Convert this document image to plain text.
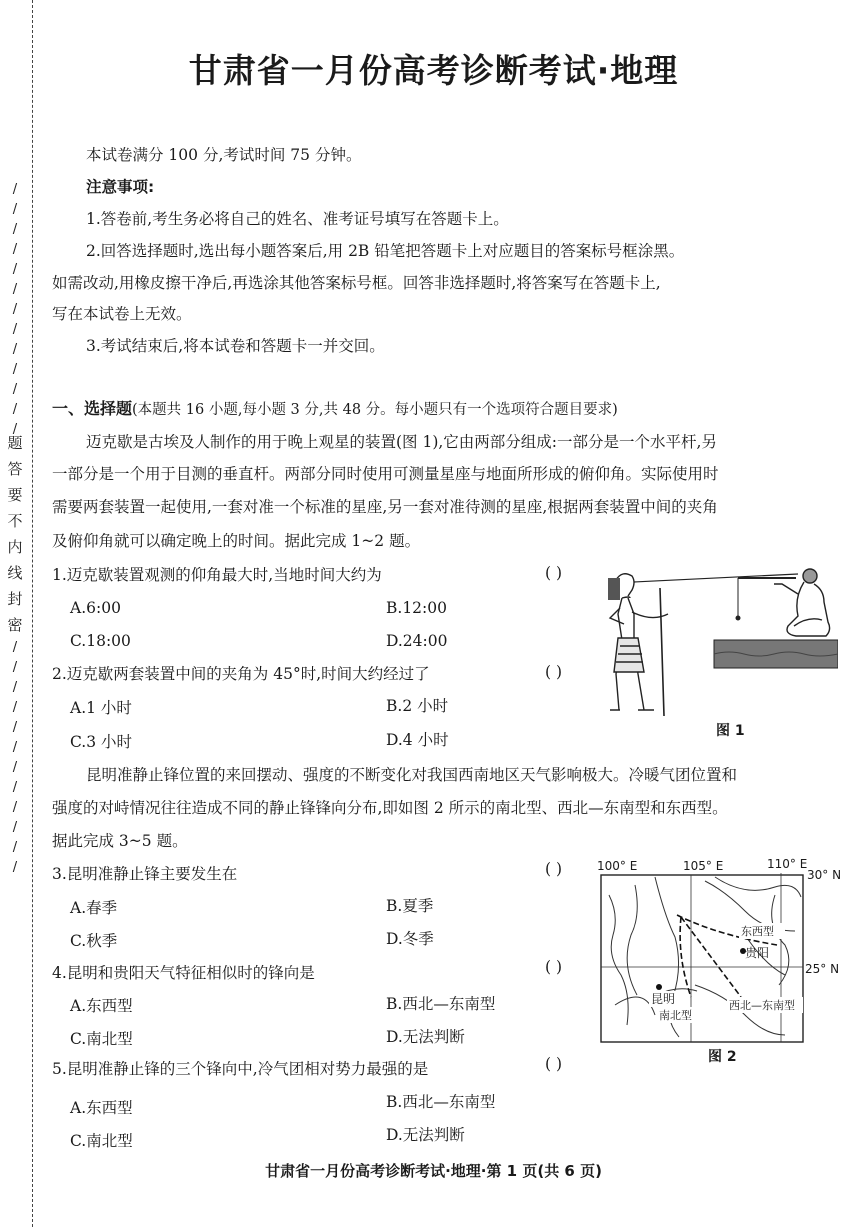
/
/
/
/
/
/
/
/
/
/
/
/
/
题
答
要
不
内
线
封
密
/
/
/
/
/
/
/
/
/
/
/
/
甘肃省一月份高考诊断考试·地理
本试卷满分 100 分,考试时间 75 分钟。
注意事项:
1.答卷前,考生务必将自己的姓名、准考证号填写在答题卡上。
2.回答选择题时,选出每小题答案后,用 2B 铅笔把答题卡上对应题目的答案标号框涂黑。
如需改动,用橡皮擦干净后,再选涂其他答案标号框。回答非选择题时,将答案写在答题卡上,
写在本试卷上无效。
3.考试结束后,将本试卷和答题卡一并交回。
一、选择题(本题共 16 小题,每小题 3 分,共 48 分。每小题只有一个选项符合题目要求)
迈克歇是古埃及人制作的用于晚上观星的装置(图 1),它由两部分组成:一部分是一个水平杆,另
一部分是一个用于目测的垂直杆。两部分同时使用可测量星座与地面所形成的俯仰角。实际使用时
需要两套装置一起使用,一套对准一个标准的星座,另一套对准待测的星座,根据两套装置中间的夹角
及俯仰角就可以确定晚上的时间。据此完成 1~2 题。
1.迈克歇装置观测的仰角最大时,当地时间大约为	( )
A.6:00	B.12:00
C.18:00	D.24:00
2.迈克歇两套装置中间的夹角为 45°时,时间大约经过了	( )
A.1 小时	B.2 小时
C.3 小时	D.4 小时	图 1
昆明准静止锋位置的来回摆动、强度的不断变化对我国西南地区天气影响极大。冷暖气团位置和
强度的对峙情况往往造成不同的静止锋锋向分布,即如图 2 所示的南北型、西北—东南型和东西型。
据此完成 3~5 题。
3.昆明准静止锋主要发生在	( )
A.春季	B.夏季
C.秋季	D.冬季
4.昆明和贵阳天气特征相似时的锋向是	( )
A.东西型	B.西北—东南型
C.南北型	D.无法判断
5.昆明准静止锋的三个锋向中,冷气团相对势力最强的是	( )
A.东西型	B.西北—东南型
C.南北型	D.无法判断
100° E	105° E	110° E
30° N
25° N
东西型
贵阳
昆明
南北型
西北—东南型
图 2
甘肃省一月份高考诊断考试·地理·第 1 页(共 6 页)
